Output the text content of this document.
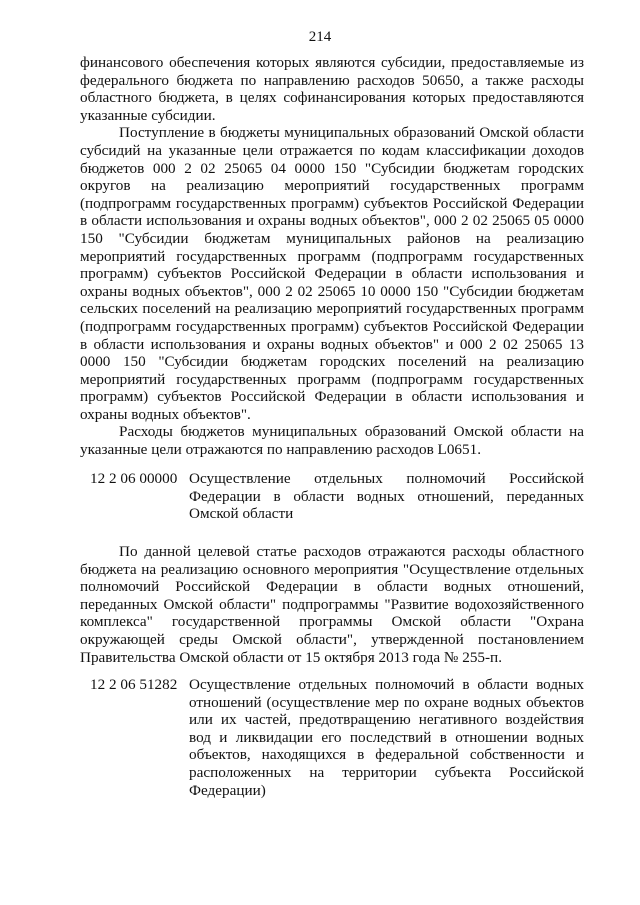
214

финансового обеспечения которых являются субсидии, предоставляемые из федерального бюджета по направлению расходов 50650, а также расходы областного бюджета, в целях софинансирования которых предоставляются указанные субсидии.

Поступление в бюджеты муниципальных образований Омской области субсидий на указанные цели отражается по кодам классификации доходов бюджетов 000 2 02 25065 04 0000 150 "Субсидии бюджетам городских округов на реализацию мероприятий государственных программ (подпрограмм государственных программ) субъектов Российской Федерации в области использования и охраны водных объектов", 000 2 02 25065 05 0000 150 "Субсидии бюджетам муниципальных районов на реализацию мероприятий государственных программ (подпрограмм государственных программ) субъектов Российской Федерации в области использования и охраны водных объектов", 000 2 02 25065 10 0000 150 "Субсидии бюджетам сельских поселений на реализацию мероприятий государственных программ (подпрограмм государственных программ) субъектов Российской Федерации в области использования и охраны водных объектов" и 000 2 02 25065 13 0000 150 "Субсидии бюджетам городских поселений на реализацию мероприятий государственных программ (подпрограмм государственных программ) субъектов Российской Федерации в области использования и охраны водных объектов".

Расходы бюджетов муниципальных образований Омской области на указанные цели отражаются по направлению расходов L0651.

12 2 06 00000 Осуществление отдельных полномочий Российской Федерации в области водных отношений, переданных Омской области

По данной целевой статье расходов отражаются расходы областного бюджета на реализацию основного мероприятия "Осуществление отдельных полномочий Российской Федерации в области водных отношений, переданных Омской области" подпрограммы "Развитие водохозяйственного комплекса" государственной программы Омской области "Охрана окружающей среды Омской области", утвержденной постановлением Правительства Омской области от 15 октября 2013 года № 255-п.

12 2 06 51282 Осуществление отдельных полномочий в области водных отношений (осуществление мер по охране водных объектов или их частей, предотвращению негативного воздействия вод и ликвидации его последствий в отношении водных объектов, находящихся в федеральной собственности и расположенных на территории субъекта Российской Федерации)
